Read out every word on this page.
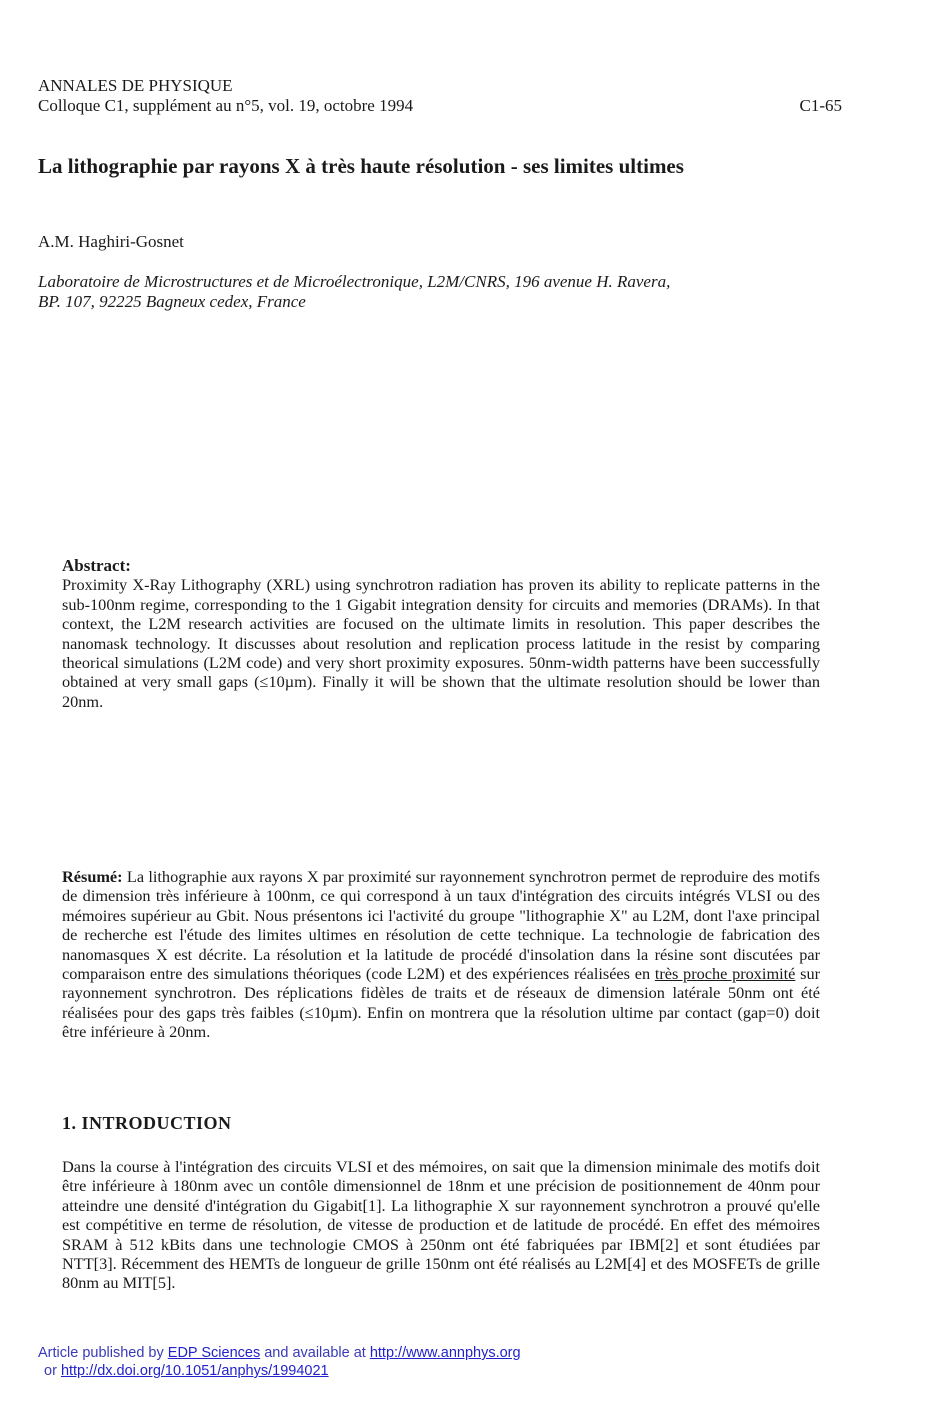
ANNALES DE PHYSIQUE
Colloque C1, supplément au n°5, vol. 19, octobre 1994	C1-65
La lithographie par rayons X à très haute résolution - ses limites ultimes
A.M. Haghiri-Gosnet
Laboratoire de Microstructures et de Microélectronique, L2M/CNRS, 196 avenue H. Ravera,
BP. 107, 92225 Bagneux cedex, France
Abstract:
Proximity X-Ray Lithography (XRL) using synchrotron radiation has proven its ability to replicate patterns in the sub-100nm regime, corresponding to the 1 Gigabit integration density for circuits and memories (DRAMs). In that context, the L2M research activities are focused on the ultimate limits in resolution. This paper describes the nanomask technology. It discusses about resolution and replication process latitude in the resist by comparing theorical simulations (L2M code) and very short proximity exposures. 50nm-width patterns have been successfully obtained at very small gaps (≤10µm). Finally it will be shown that the ultimate resolution should be lower than 20nm.
Résumé: La lithographie aux rayons X par proximité sur rayonnement synchrotron permet de reproduire des motifs de dimension très inférieure à 100nm, ce qui correspond à un taux d'intégration des circuits intégrés VLSI ou des mémoires supérieur au Gbit. Nous présentons ici l'activité du groupe "lithographie X" au L2M, dont l'axe principal de recherche est l'étude des limites ultimes en résolution de cette technique. La technologie de fabrication des nanomasques X est décrite. La résolution et la latitude de procédé d'insolation dans la résine sont discutées par comparaison entre des simulations théoriques (code L2M) et des expériences réalisées en très proche proximité sur rayonnement synchrotron. Des réplications fidèles de traits et de réseaux de dimension latérale 50nm ont été réalisées pour des gaps très faibles (≤10µm). Enfin on montrera que la résolution ultime par contact (gap=0) doit être inférieure à 20nm.
1. INTRODUCTION
Dans la course à l'intégration des circuits VLSI et des mémoires, on sait que la dimension minimale des motifs doit être inférieure à 180nm avec un contôle dimensionnel de 18nm et une précision de positionnement de 40nm pour atteindre une densité d'intégration du Gigabit[1]. La lithographie X sur rayonnement synchrotron a prouvé qu'elle est compétitive en terme de résolution, de vitesse de production et de latitude de procédé. En effet des mémoires SRAM à 512 kBits dans une technologie CMOS à 250nm ont été fabriquées par IBM[2] et sont étudiées par NTT[3]. Récemment des HEMTs de longueur de grille 150nm ont été réalisés au L2M[4] et des MOSFETs de grille 80nm au MIT[5].
Article published by EDP Sciences and available at http://www.annphys.org
or http://dx.doi.org/10.1051/anphys/1994021
